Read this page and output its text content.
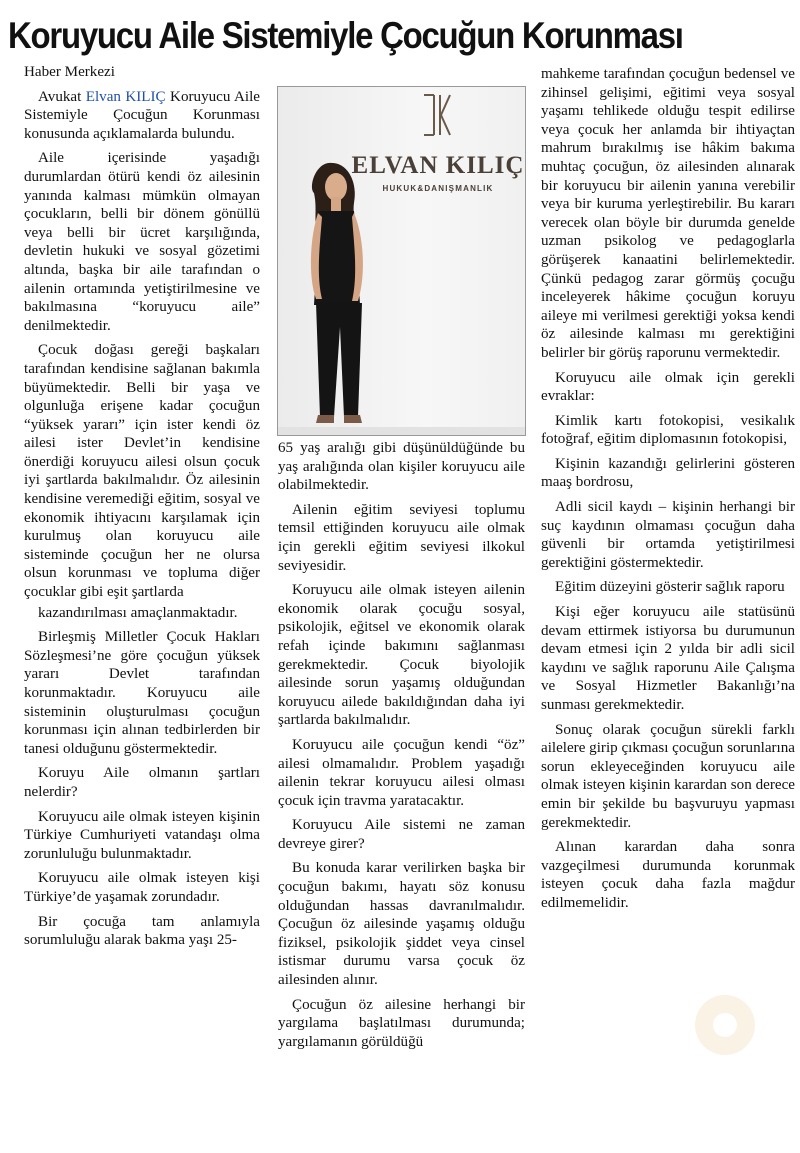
Koruyucu Aile Sistemiyle Çocuğun Korunması

Haber Merkezi

Avukat Elvan KILIÇ Koruyucu Aile Sistemiyle Çocuğun Korunması konusunda açıklamalarda bulundu.

Aile içerisinde yaşadığı durumlardan ötürü kendi öz ailesinin yanında kalması mümkün olmayan çocukların, belli bir dönem gönüllü veya belli bir ücret karşılığında, devletin hukuki ve sosyal gözetimi altında, başka bir aile tarafından o ailenin ortamında yetiştirilmesine ve bakılmasına “koruyucu aile” denilmektedir.

Çocuk doğası gereği başkaları tarafından kendisine sağlanan bakımla büyümektedir. Belli bir yaşa ve olgunluğa erişene kadar çocuğun “yüksek yararı” için ister kendi öz ailesi ister Devlet’in kendisine önerdiği koruyucu ailesi olsun çocuk iyi şartlarda bakılmalıdır. Öz ailesinin kendisine veremediği eğitim, sosyal ve ekonomik ihtiyacını karşılamak için kurulmuş olan koruyucu aile sisteminde çocuğun her ne olursa olsun korunması ve topluma diğer çocuklar gibi eşit şartlarda

kazandırılması amaçlanmaktadır.

Birleşmiş Milletler Çocuk Hakları Sözleşmesi’ne göre çocuğun yüksek yararı Devlet tarafından korunmaktadır. Koruyucu aile sisteminin oluşturulması çocuğun korunması için alınan tedbirlerden bir tanesi olduğunu göstermektedir.

Koruyu Aile olmanın şartları nelerdir?

Koruyucu aile olmak isteyen kişinin Türkiye Cumhuriyeti vatandaşı olma zorunluluğu bulunmaktadır.

Koruyucu aile olmak isteyen kişi Türkiye’de yaşamak zorundadır.

Bir çocuğa tam anlamıyla sorumluluğu alarak bakma yaşı 25-

ELVAN KILIÇ
HUKUK&DANIŞMANLIK

65 yaş aralığı gibi düşünüldüğünde bu yaş aralığında olan kişiler koruyucu aile olabilmektedir.

Ailenin eğitim seviyesi toplumu temsil ettiğinden koruyucu aile olmak için gerekli eğitim seviyesi ilkokul seviyesidir.

Koruyucu aile olmak isteyen ailenin ekonomik olarak çocuğu sosyal, psikolojik, eğitsel ve ekonomik olarak refah içinde bakımını sağlanması gerekmektedir. Çocuk biyolojik ailesinde sorun yaşamış olduğundan koruyucu ailede bakıldığından daha iyi şartlarda bakılmalıdır.

Koruyucu aile çocuğun kendi “öz” ailesi olmamalıdır. Problem yaşadığı ailenin tekrar koruyucu ailesi olması çocuk için travma yaratacaktır.

Koruyucu Aile sistemi ne zaman devreye girer?

Bu konuda karar verilirken başka bir çocuğun bakımı, hayatı söz konusu olduğundan hassas davranılmalıdır. Çocuğun öz ailesinde yaşamış olduğu fiziksel, psikolojik şiddet veya cinsel istismar durumu varsa çocuk öz ailesinden alınır.

Çocuğun öz ailesine herhangi bir yargılama başlatılması durumunda; yargılamanın görüldüğü

mahkeme tarafından çocuğun bedensel ve zihinsel gelişimi, eğitimi veya sosyal yaşamı tehlikede olduğu tespit edilirse veya çocuk her anlamda bir ihtiyaçtan mahrum bırakılmış ise hâkim bakıma muhtaç çocuğun, öz ailesinden alınarak bir koruyucu bir ailenin yanına verebilir veya bir kuruma yerleştirebilir. Bu kararı verecek olan böyle bir durumda genelde uzman psikolog ve pedagoglarla görüşerek kanaatini belirlemektedir. Çünkü pedagog zarar görmüş çocuğu inceleyerek hâkime çocuğun koruyu aileye mi verilmesi gerektiği yoksa kendi öz ailesinde kalması mı gerektiğini belirler bir görüş raporunu vermektedir.

Koruyucu aile olmak için gerekli evraklar:

Kimlik kartı fotokopisi, vesikalık fotoğraf, eğitim diplomasının fotokopisi,

Kişinin kazandığı gelirlerini gösteren maaş bordrosu,

Adli sicil kaydı – kişinin herhangi bir suç kaydının olmaması çocuğun daha güvenli bir ortamda yetiştirilmesi gerektiğini göstermektedir.

Eğitim düzeyini gösterir sağlık raporu

Kişi eğer koruyucu aile statüsünü devam ettirmek istiyorsa bu durumunun devam etmesi için 2 yılda bir adli sicil kaydını ve sağlık raporunu Aile Çalışma ve Sosyal Hizmetler Bakanlığı’na sunması gerekmektedir.

Sonuç olarak çocuğun sürekli farklı ailelere girip çıkması çocuğun sorunlarına sorun ekleyeceğinden koruyucu aile olmak isteyen kişinin karardan son derece emin bir şekilde bu başvuruyu yapması gerekmektedir.

Alınan karardan daha sonra vazgeçilmesi durumunda korunmak isteyen çocuk daha fazla mağdur edilmemelidir.
